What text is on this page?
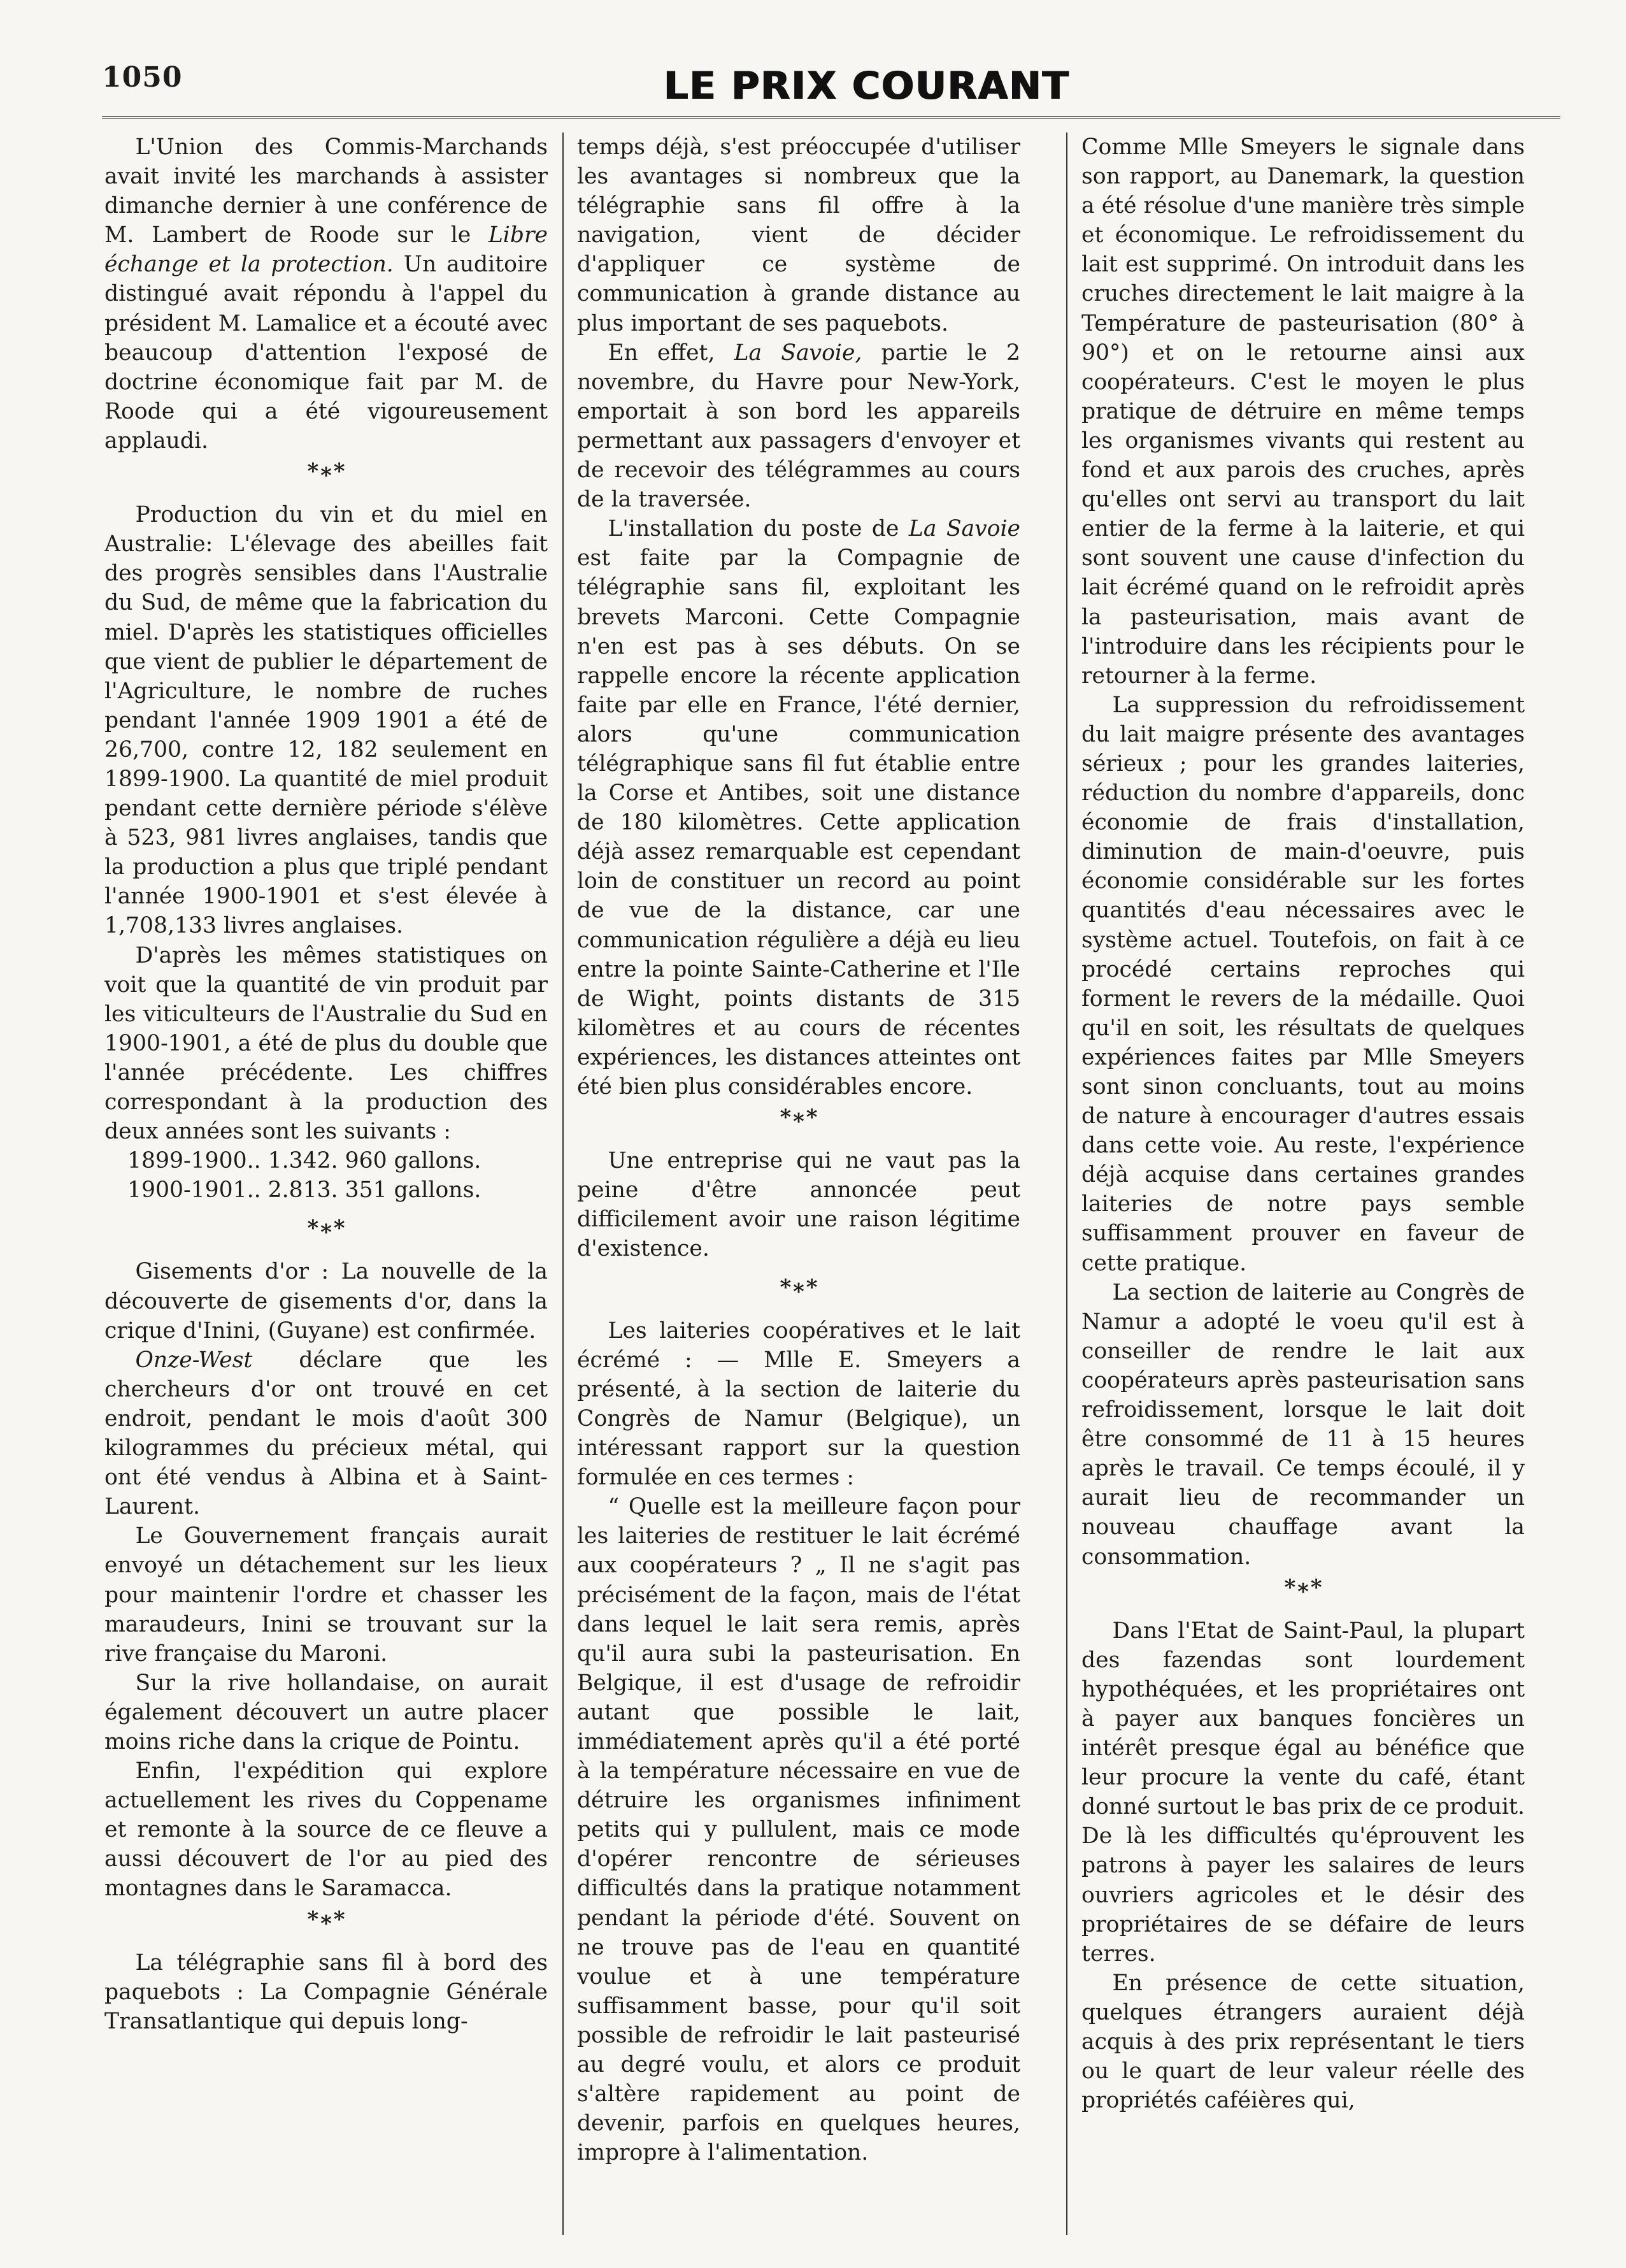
1050	LE PRIX COURANT

L'Union des Commis-Marchands avait invité les marchands à assister dimanche dernier à une conférence de M. Lambert de Roode sur le Libre échange et la protection. Un auditoire distingué avait répondu à l'appel du président M. Lamalice et a écouté avec beaucoup d'attention l'exposé de doctrine économique fait par M. de Roode qui a été vigoureusement applaudi.

*∗*

Production du vin et du miel en Australie: L'élevage des abeilles fait des progrès sensibles dans l'Australie du Sud, de même que la fabrication du miel. D'après les statistiques officielles que vient de publier le département de l'Agriculture, le nombre de ruches pendant l'année 1909 1901 a été de 26,700, contre 12, 182 seulement en 1899-1900. La quantité de miel produit pendant cette dernière période s'élève à 523, 981 livres anglaises, tandis que la production a plus que triplé pendant l'année 1900-1901 et s'est élevée à 1,708,133 livres anglaises.

D'après les mêmes statistiques on voit que la quantité de vin produit par les viticulteurs de l'Australie du Sud en 1900-1901, a été de plus du double que l'année précédente. Les chiffres correspondant à la production des deux années sont les suivants :

1899-1900.. 1.342. 960 gallons.

1900-1901.. 2.813. 351 gallons.

*∗*

Gisements d'or : La nouvelle de la découverte de gisements d'or, dans la crique d'Inini, (Guyane) est confirmée.

Onze-West déclare que les chercheurs d'or ont trouvé en cet endroit, pendant le mois d'août 300 kilogrammes du précieux métal, qui ont été vendus à Albina et à Saint-Laurent.

Le Gouvernement français aurait envoyé un détachement sur les lieux pour maintenir l'ordre et chasser les maraudeurs, Inini se trouvant sur la rive française du Maroni.

Sur la rive hollandaise, on aurait également découvert un autre placer moins riche dans la crique de Pointu.

Enfin, l'expédition qui explore actuellement les rives du Coppename et remonte à la source de ce fleuve a aussi découvert de l'or au pied des montagnes dans le Saramacca.

*∗*

La télégraphie sans fil à bord des paquebots : La Compagnie Générale Transatlantique qui depuis long-

temps déjà, s'est préoccupée d'utiliser les avantages si nombreux que la télégraphie sans fil offre à la navigation, vient de décider d'appliquer ce système de communication à grande distance au plus important de ses paquebots.

En effet, La Savoie, partie le 2 novembre, du Havre pour New-York, emportait à son bord les appareils permettant aux passagers d'envoyer et de recevoir des télégrammes au cours de la traversée.

L'installation du poste de La Savoie est faite par la Compagnie de télégraphie sans fil, exploitant les brevets Marconi. Cette Compagnie n'en est pas à ses débuts. On se rappelle encore la récente application faite par elle en France, l'été dernier, alors qu'une communication télégraphique sans fil fut établie entre la Corse et Antibes, soit une distance de 180 kilomètres. Cette application déjà assez remarquable est cependant loin de constituer un record au point de vue de la distance, car une communication régulière a déjà eu lieu entre la pointe Sainte-Catherine et l'Ile de Wight, points distants de 315 kilomètres et au cours de récentes expériences, les distances atteintes ont été bien plus considérables encore.

*∗*

Une entreprise qui ne vaut pas la peine d'être annoncée peut difficilement avoir une raison légitime d'existence.

*∗*

Les laiteries coopératives et le lait écrémé : — Mlle E. Smeyers a présenté, à la section de laiterie du Congrès de Namur (Belgique), un intéressant rapport sur la question formulée en ces termes :

“ Quelle est la meilleure façon pour les laiteries de restituer le lait écrémé aux coopérateurs ? „ Il ne s'agit pas précisément de la façon, mais de l'état dans lequel le lait sera remis, après qu'il aura subi la pasteurisation. En Belgique, il est d'usage de refroidir autant que possible le lait, immédiatement après qu'il a été porté à la température nécessaire en vue de détruire les organismes infiniment petits qui y pullulent, mais ce mode d'opérer rencontre de sérieuses difficultés dans la pratique notamment pendant la période d'été. Souvent on ne trouve pas de l'eau en quantité voulue et à une température suffisamment basse, pour qu'il soit possible de refroidir le lait pasteurisé au degré voulu, et alors ce produit s'altère rapidement au point de devenir, parfois en quelques heures, impropre à l'alimentation.

Comme Mlle Smeyers le signale dans son rapport, au Danemark, la question a été résolue d'une manière très simple et économique. Le refroidissement du lait est supprimé. On introduit dans les cruches directement le lait maigre à la Température de pasteurisation (80° à 90°) et on le retourne ainsi aux coopérateurs. C'est le moyen le plus pratique de détruire en même temps les organismes vivants qui restent au fond et aux parois des cruches, après qu'elles ont servi au transport du lait entier de la ferme à la laiterie, et qui sont souvent une cause d'infection du lait écrémé quand on le refroidit après la pasteurisation, mais avant de l'introduire dans les récipients pour le retourner à la ferme.

La suppression du refroidissement du lait maigre présente des avantages sérieux ; pour les grandes laiteries, réduction du nombre d'appareils, donc économie de frais d'installation, diminution de main-d'oeuvre, puis économie considérable sur les fortes quantités d'eau nécessaires avec le système actuel. Toutefois, on fait à ce procédé certains reproches qui forment le revers de la médaille. Quoi qu'il en soit, les résultats de quelques expériences faites par Mlle Smeyers sont sinon concluants, tout au moins de nature à encourager d'autres essais dans cette voie. Au reste, l'expérience déjà acquise dans certaines grandes laiteries de notre pays semble suffisamment prouver en faveur de cette pratique.

La section de laiterie au Congrès de Namur a adopté le voeu qu'il est à conseiller de rendre le lait aux coopérateurs après pasteurisation sans refroidissement, lorsque le lait doit être consommé de 11 à 15 heures après le travail. Ce temps écoulé, il y aurait lieu de recommander un nouveau chauffage avant la consommation.

*∗*

Dans l'Etat de Saint-Paul, la plupart des fazendas sont lourdement hypothéquées, et les propriétaires ont à payer aux banques foncières un intérêt presque égal au bénéfice que leur procure la vente du café, étant donné surtout le bas prix de ce produit. De là les difficultés qu'éprouvent les patrons à payer les salaires de leurs ouvriers agricoles et le désir des propriétaires de se défaire de leurs terres.

En présence de cette situation, quelques étrangers auraient déjà acquis à des prix représentant le tiers ou le quart de leur valeur réelle des propriétés caféières qui,
